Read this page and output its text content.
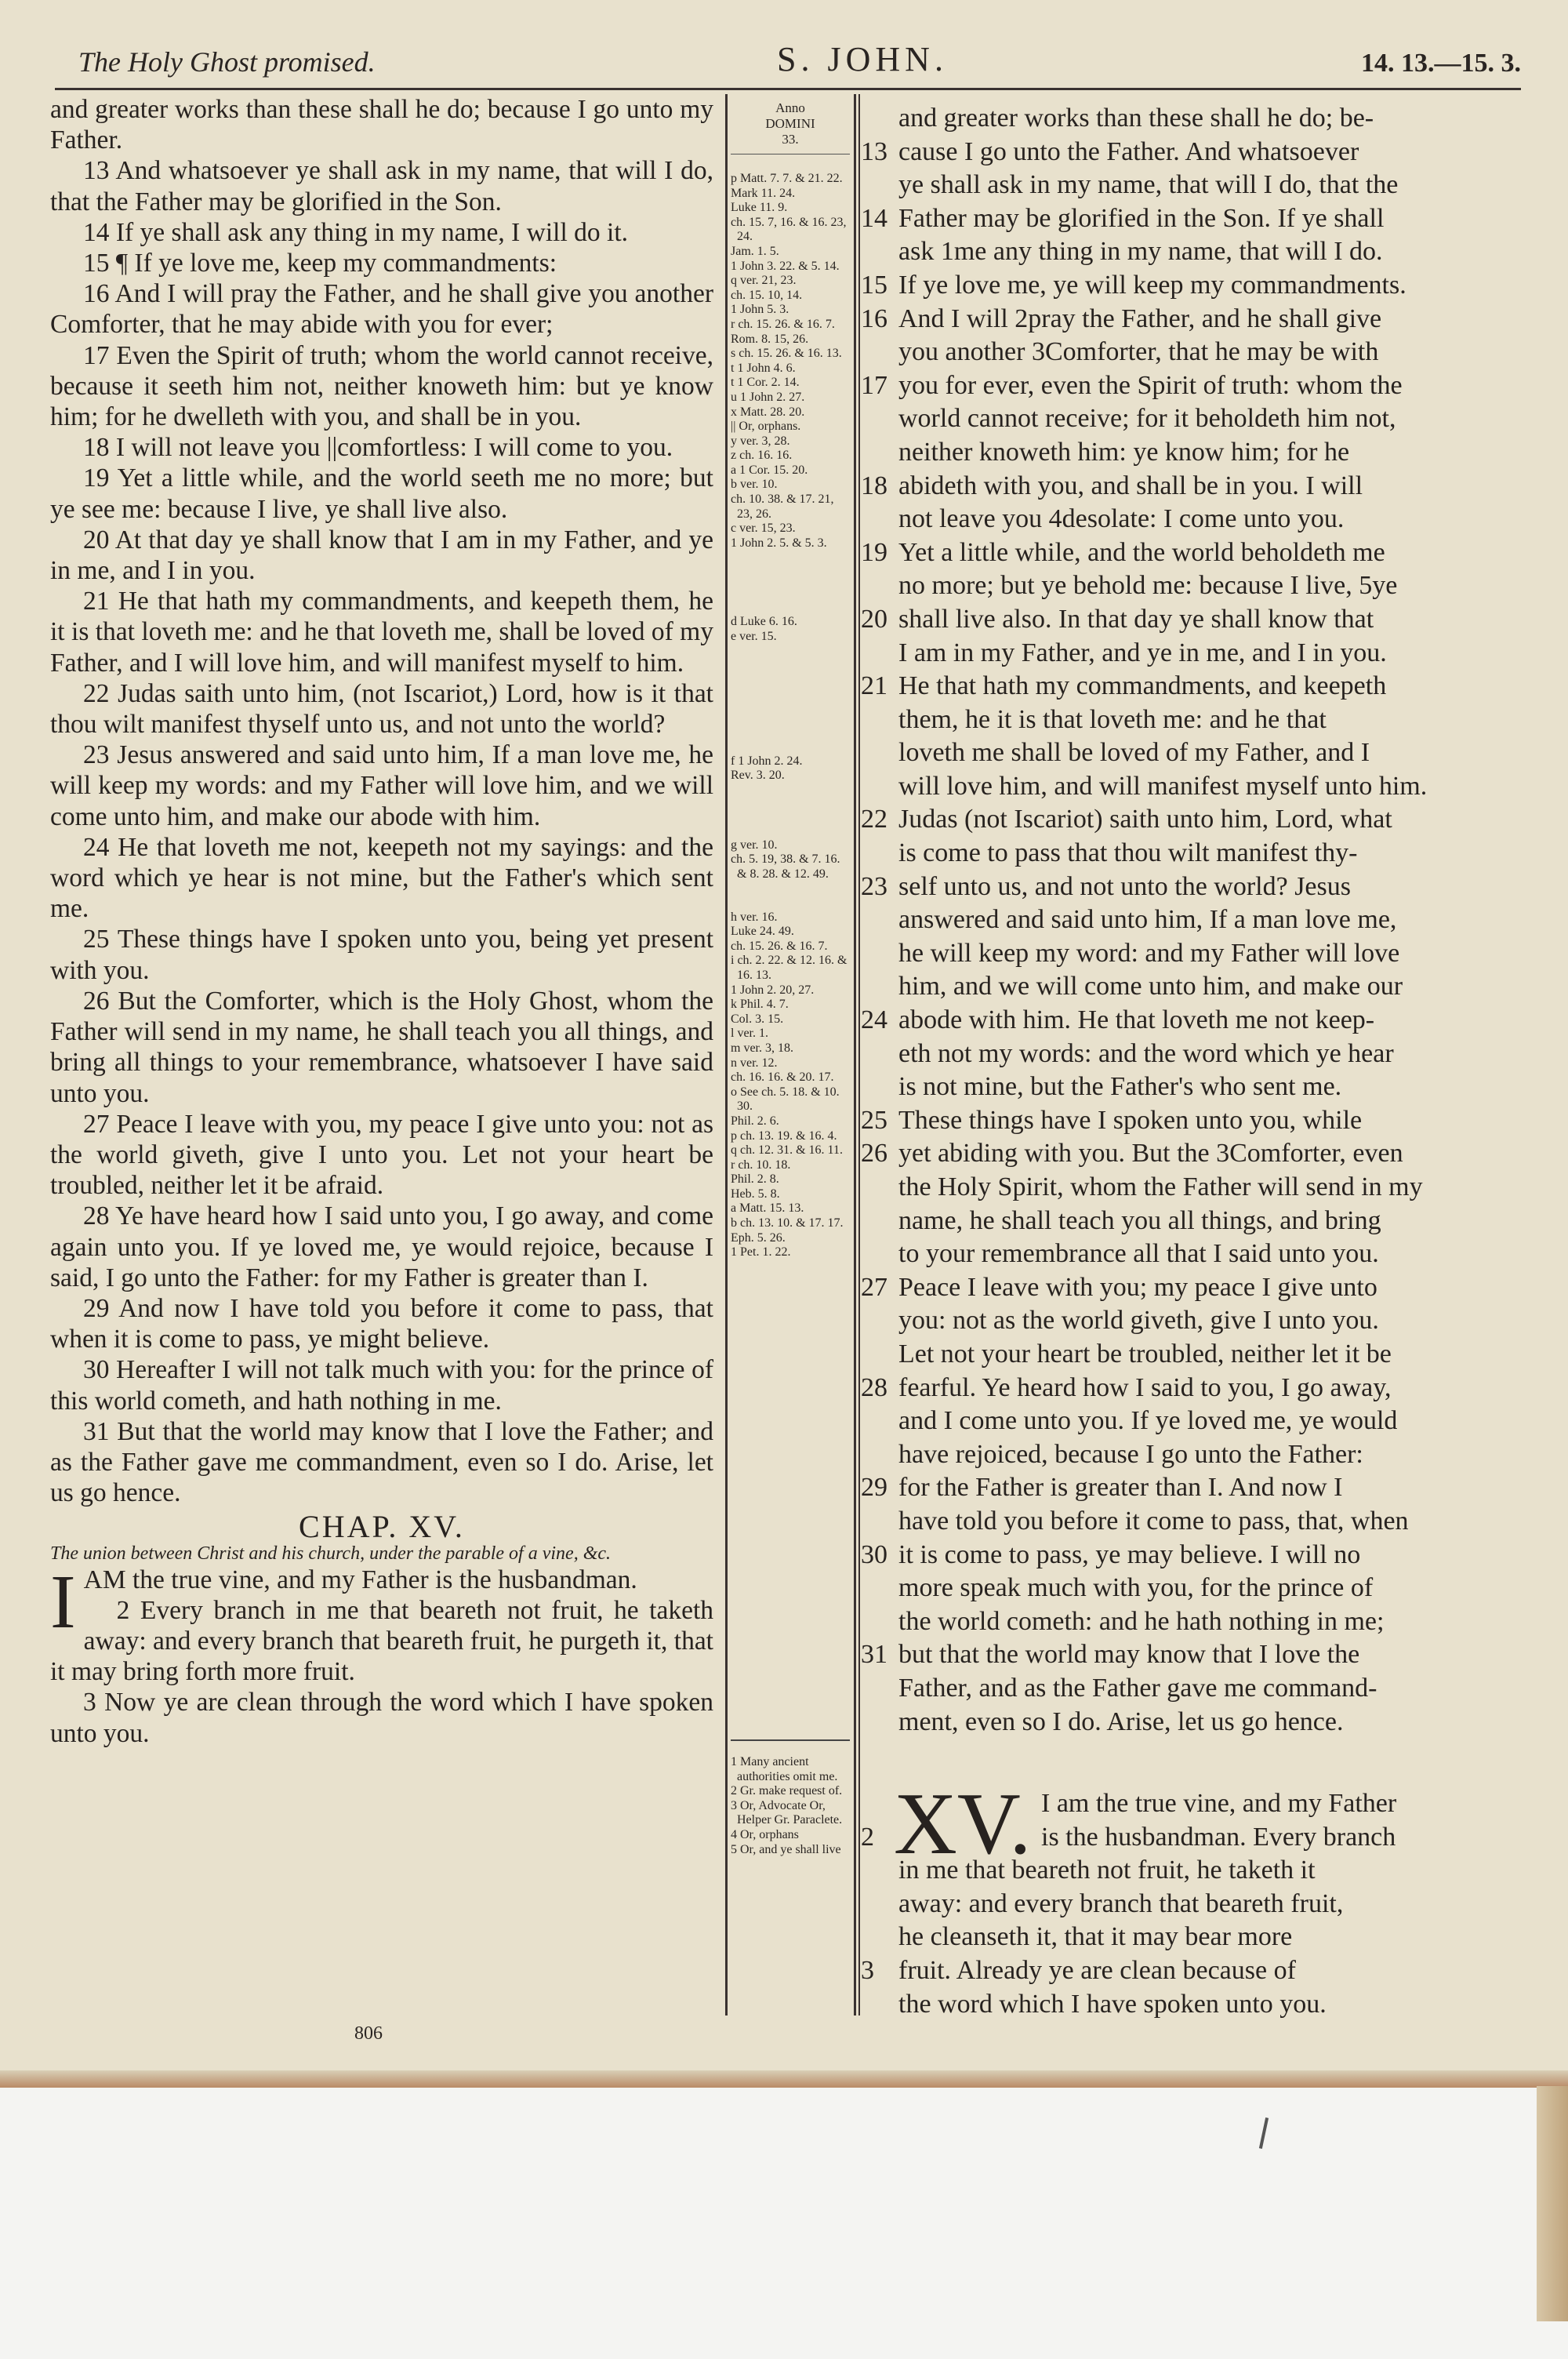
The Holy Ghost promised.	S. JOHN.	14. 13.—15. 3.

and greater works than these shall he do; because I go unto my Father.

13 And whatsoever ye shall ask in my name, that will I do, that the Father may be glorified in the Son.

14 If ye shall ask any thing in my name, I will do it.

15 ¶ If ye love me, keep my commandments:

16 And I will pray the Father, and he shall give you another Comforter, that he may abide with you for ever;

17 Even the Spirit of truth; whom the world cannot receive, because it seeth him not, neither knoweth him: but ye know him; for he dwelleth with you, and shall be in you.

18 I will not leave you ||comfortless: I will come to you.

19 Yet a little while, and the world seeth me no more; but ye see me: because I live, ye shall live also.

20 At that day ye shall know that I am in my Father, and ye in me, and I in you.

21 He that hath my commandments, and keepeth them, he it is that loveth me: and he that loveth me, shall be loved of my Father, and I will love him, and will manifest myself to him.

22 Judas saith unto him, (not Iscariot,) Lord, how is it that thou wilt manifest thyself unto us, and not unto the world?

23 Jesus answered and said unto him, If a man love me, he will keep my words: and my Father will love him, and we will come unto him, and make our abode with him.

24 He that loveth me not, keepeth not my sayings: and the word which ye hear is not mine, but the Father's which sent me.

25 These things have I spoken unto you, being yet present with you.

26 But the Comforter, which is the Holy Ghost, whom the Father will send in my name, he shall teach you all things, and bring all things to your remembrance, whatsoever I have said unto you.

27 Peace I leave with you, my peace I give unto you: not as the world giveth, give I unto you. Let not your heart be troubled, neither let it be afraid.

28 Ye have heard how I said unto you, I go away, and come again unto you. If ye loved me, ye would rejoice, because I said, I go unto the Father: for my Father is greater than I.

29 And now I have told you before it come to pass, that when it is come to pass, ye might believe.

30 Hereafter I will not talk much with you: for the prince of this world cometh, and hath nothing in me.

31 But that the world may know that I love the Father; and as the Father gave me commandment, even so I do. Arise, let us go hence.

CHAP. XV.

The union between Christ and his church, under the parable of a vine, &c.

IAM the true vine, and my Father is the husbandman.

2 Every branch in me that beareth not fruit, he taketh away: and every branch that beareth fruit, he purgeth it, that it may bring forth more fruit.

3 Now ye are clean through the word which I have spoken unto you.

Anno
DOMINI
33.
p Matt. 7. 7. & 21. 22.
Mark 11. 24.
Luke 11. 9.
ch. 15. 7, 16. & 16. 23, 24.
Jam. 1. 5.
1 John 3. 22. & 5. 14.
q ver. 21, 23.
ch. 15. 10, 14.
1 John 5. 3.
r ch. 15. 26. & 16. 7.
Rom. 8. 15, 26.
s ch. 15. 26. & 16. 13.
t 1 John 4. 6.
t 1 Cor. 2. 14.
u 1 John 2. 27.
x Matt. 28. 20.
|| Or, orphans.
y ver. 3, 28.
z ch. 16. 16.
a 1 Cor. 15. 20.
b ver. 10.
ch. 10. 38. & 17. 21, 23, 26.
c ver. 15, 23.
1 John 2. 5. & 5. 3.
d Luke 6. 16.
e ver. 15.
f 1 John 2. 24.
Rev. 3. 20.
g ver. 10.
ch. 5. 19, 38. & 7. 16. & 8. 28. & 12. 49.
h ver. 16.
Luke 24. 49.
ch. 15. 26. & 16. 7.
i ch. 2. 22. & 12. 16. & 16. 13.
1 John 2. 20, 27.
k Phil. 4. 7.
Col. 3. 15.
l ver. 1.
m ver. 3, 18.
n ver. 12.
ch. 16. 16. & 20. 17.
o See ch. 5. 18. & 10. 30.
Phil. 2. 6.
p ch. 13. 19. & 16. 4.
q ch. 12. 31. & 16. 11.
r ch. 10. 18.
Phil. 2. 8.
Heb. 5. 8.
a Matt. 15. 13.
b ch. 13. 10. & 17. 17.
Eph. 5. 26.
1 Pet. 1. 22.
1 Many ancient authorities omit me.
2 Gr. make request of.
3 Or, Advocate Or, Helper Gr. Paraclete.
4 Or, orphans
5 Or, and ye shall live
and greater works than these shall he do; be-
13 cause I go unto the Father. And whatsoever
ye shall ask in my name, that will I do, that the
14 Father may be glorified in the Son. If ye shall
ask 1me any thing in my name, that will I do.
15 If ye love me, ye will keep my commandments.
16 And I will 2pray the Father, and he shall give
you another 3Comforter, that he may be with
17 you for ever, even the Spirit of truth: whom the
world cannot receive; for it beholdeth him not,
neither knoweth him: ye know him; for he
18 abideth with you, and shall be in you. I will
not leave you 4desolate: I come unto you.
19 Yet a little while, and the world beholdeth me
no more; but ye behold me: because I live, 5ye
20 shall live also. In that day ye shall know that
I am in my Father, and ye in me, and I in you.
21 He that hath my commandments, and keepeth
them, he it is that loveth me: and he that
loveth me shall be loved of my Father, and I
will love him, and will manifest myself unto him.
22 Judas (not Iscariot) saith unto him, Lord, what
is come to pass that thou wilt manifest thy-
23 self unto us, and not unto the world? Jesus
answered and said unto him, If a man love me,
he will keep my word: and my Father will love
him, and we will come unto him, and make our
24 abode with him. He that loveth me not keep-
eth not my words: and the word which ye hear
is not mine, but the Father's who sent me.
25 These things have I spoken unto you, while
26 yet abiding with you. But the 3Comforter, even
the Holy Spirit, whom the Father will send in my
name, he shall teach you all things, and bring
to your remembrance all that I said unto you.
27 Peace I leave with you; my peace I give unto
you: not as the world giveth, give I unto you.
Let not your heart be troubled, neither let it be
28 fearful. Ye heard how I said to you, I go away,
and I come unto you. If ye loved me, ye would
have rejoiced, because I go unto the Father:
29 for the Father is greater than I. And now I
have told you before it come to pass, that, when
30 it is come to pass, ye may believe. I will no
more speak much with you, for the prince of
the world cometh: and he hath nothing in me;
31 but that the world may know that I love the
Father, and as the Father gave me command-
ment, even so I do. Arise, let us go hence.
XV. I am the true vine, and my Father
2	is the husbandman. Every branch
in me that beareth not fruit, he taketh it
away: and every branch that beareth fruit,
he cleanseth it, that it may bear more
3 fruit. Already ye are clean because of
the word which I have spoken unto you.
806
